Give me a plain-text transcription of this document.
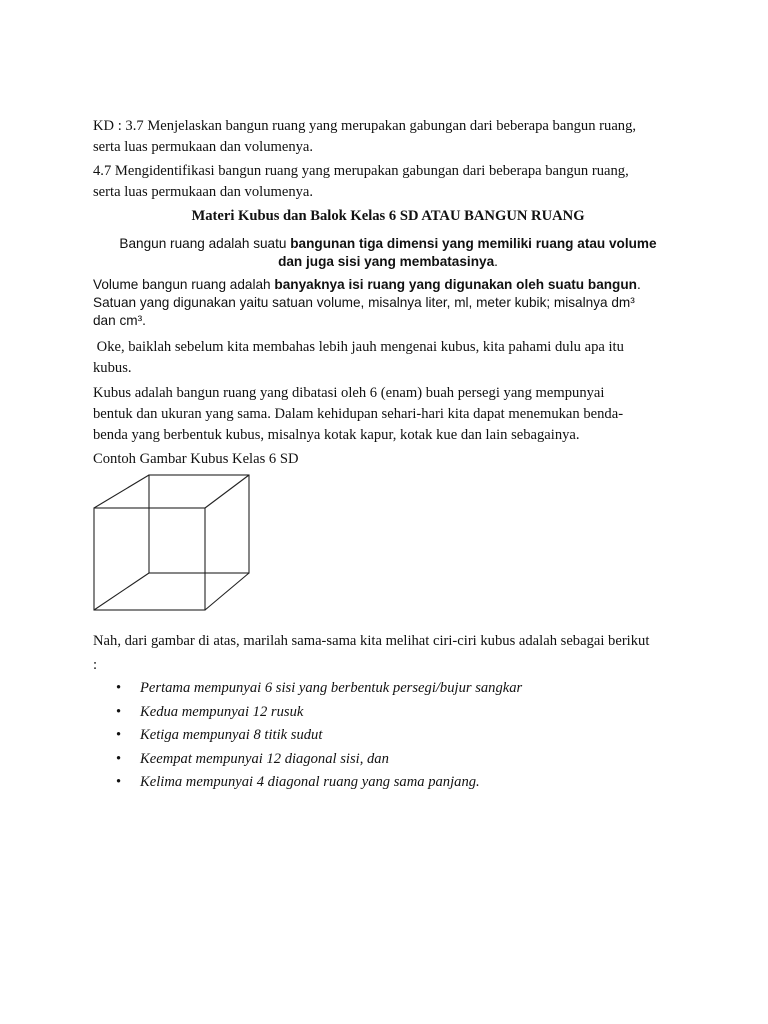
KD : 3.7 Menjelaskan bangun ruang yang merupakan gabungan dari beberapa bangun ruang,
serta luas permukaan dan volumenya.

4.7 Mengidentifikasi bangun ruang yang merupakan gabungan dari beberapa bangun ruang,
serta luas permukaan dan volumenya.

Materi Kubus dan Balok Kelas 6 SD ATAU BANGUN RUANG

Bangun ruang adalah suatu bangunan tiga dimensi yang memiliki ruang atau volume
dan juga sisi yang membatasinya.

Volume bangun ruang adalah banyaknya isi ruang yang digunakan oleh suatu bangun.
Satuan yang digunakan yaitu satuan volume, misalnya liter, ml, meter kubik; misalnya dm³
dan cm³.

Oke, baiklah sebelum kita membahas lebih jauh mengenai kubus, kita pahami dulu apa itu
kubus.

Kubus adalah bangun ruang yang dibatasi oleh 6 (enam) buah persegi yang mempunyai
bentuk dan ukuran yang sama. Dalam kehidupan sehari-hari kita dapat menemukan benda-
benda yang berbentuk kubus, misalnya kotak kapur, kotak kue dan lain sebagainya.

Contoh Gambar Kubus Kelas 6 SD

Nah, dari gambar di atas, marilah sama-sama kita melihat ciri-ciri kubus adalah sebagai berikut
:

• Pertama mempunyai 6 sisi yang berbentuk persegi/bujur sangkar
• Kedua mempunyai 12 rusuk
• Ketiga mempunyai 8 titik sudut
• Keempat mempunyai 12 diagonal sisi, dan
• Kelima mempunyai 4 diagonal ruang yang sama panjang.
